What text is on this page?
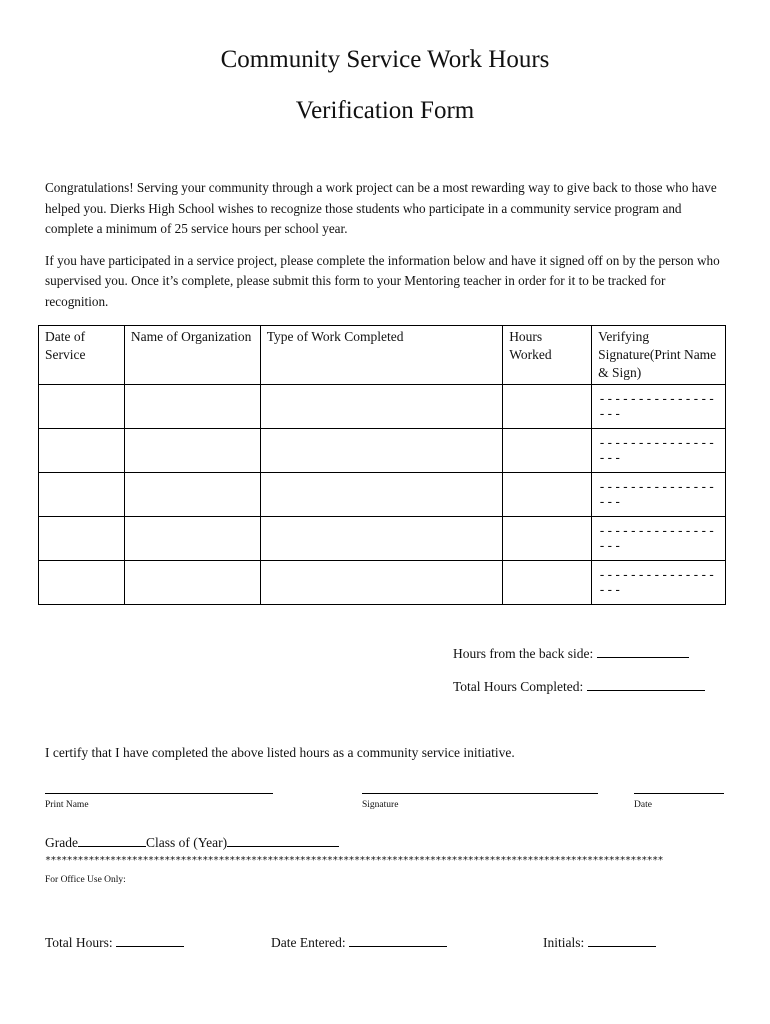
Community Service Work Hours
Verification Form

Congratulations! Serving your community through a work project can be a most rewarding way to give back to those who have helped you. Dierks High School wishes to recognize those students who participate in a community service program and complete a minimum of 25 service hours per school year.

If you have participated in a service project, please complete the information below and have it signed off on by the person who supervised you. Once it’s complete, please submit this form to your Mentoring teacher in order for it to be tracked for recognition.

Date of Service	Name of Organization	Type of Work Completed	Hours Worked	Verifying Signature(Print Name & Sign)

				------------------

				------------------

				------------------

				------------------

				------------------
Hours from the back side:
Total Hours Completed:
I certify that I have completed the above listed hours as a community service initiative.
Print Name	Signature	Date
Grade	Class of (Year)
******************************************************************************************************************
For Office Use Only:
Total Hours:	Date Entered:	Initials:
